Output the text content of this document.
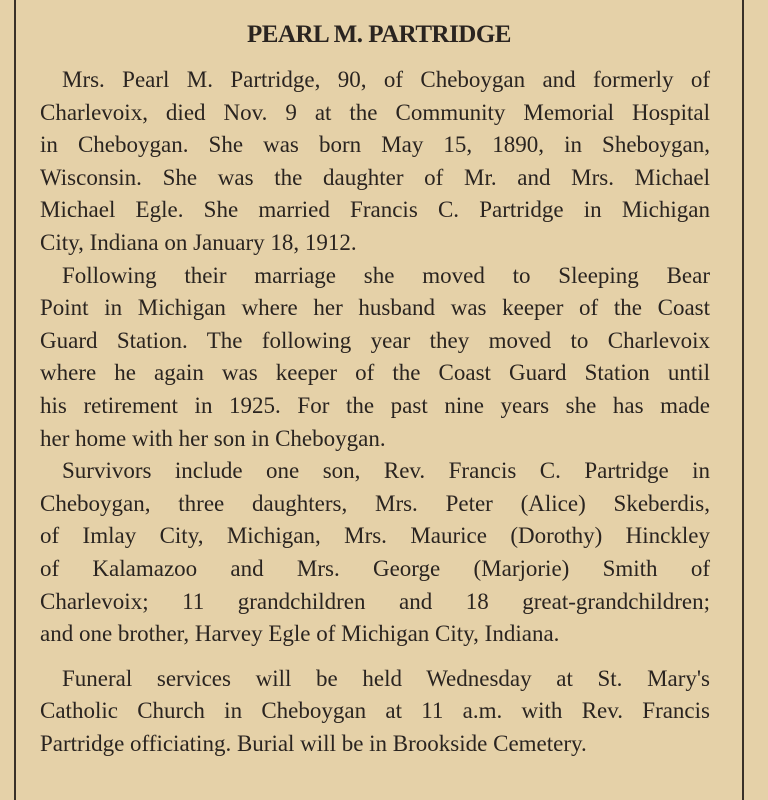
PEARL M. PARTRIDGE

Mrs. Pearl M. Partridge, 90, of Cheboygan and formerly of
Charlevoix, died Nov. 9 at the Community Memorial Hospital
in Cheboygan. She was born May 15, 1890, in Sheboygan,
Wisconsin. She was the daughter of Mr. and Mrs. Michael
Michael Egle. She married Francis C. Partridge in Michigan
City, Indiana on January 18, 1912.

Following their marriage she moved to Sleeping Bear
Point in Michigan where her husband was keeper of the Coast
Guard Station. The following year they moved to Charlevoix
where he again was keeper of the Coast Guard Station until
his retirement in 1925. For the past nine years she has made
her home with her son in Cheboygan.

Survivors include one son, Rev. Francis C. Partridge in
Cheboygan, three daughters, Mrs. Peter (Alice) Skeberdis,
of Imlay City, Michigan, Mrs. Maurice (Dorothy) Hinckley
of Kalamazoo and Mrs. George (Marjorie) Smith of
Charlevoix; 11 grandchildren and 18 great-grandchildren;
and one brother, Harvey Egle of Michigan City, Indiana.

Funeral services will be held Wednesday at St. Mary's
Catholic Church in Cheboygan at 11 a.m. with Rev. Francis
Partridge officiating. Burial will be in Brookside Cemetery.
